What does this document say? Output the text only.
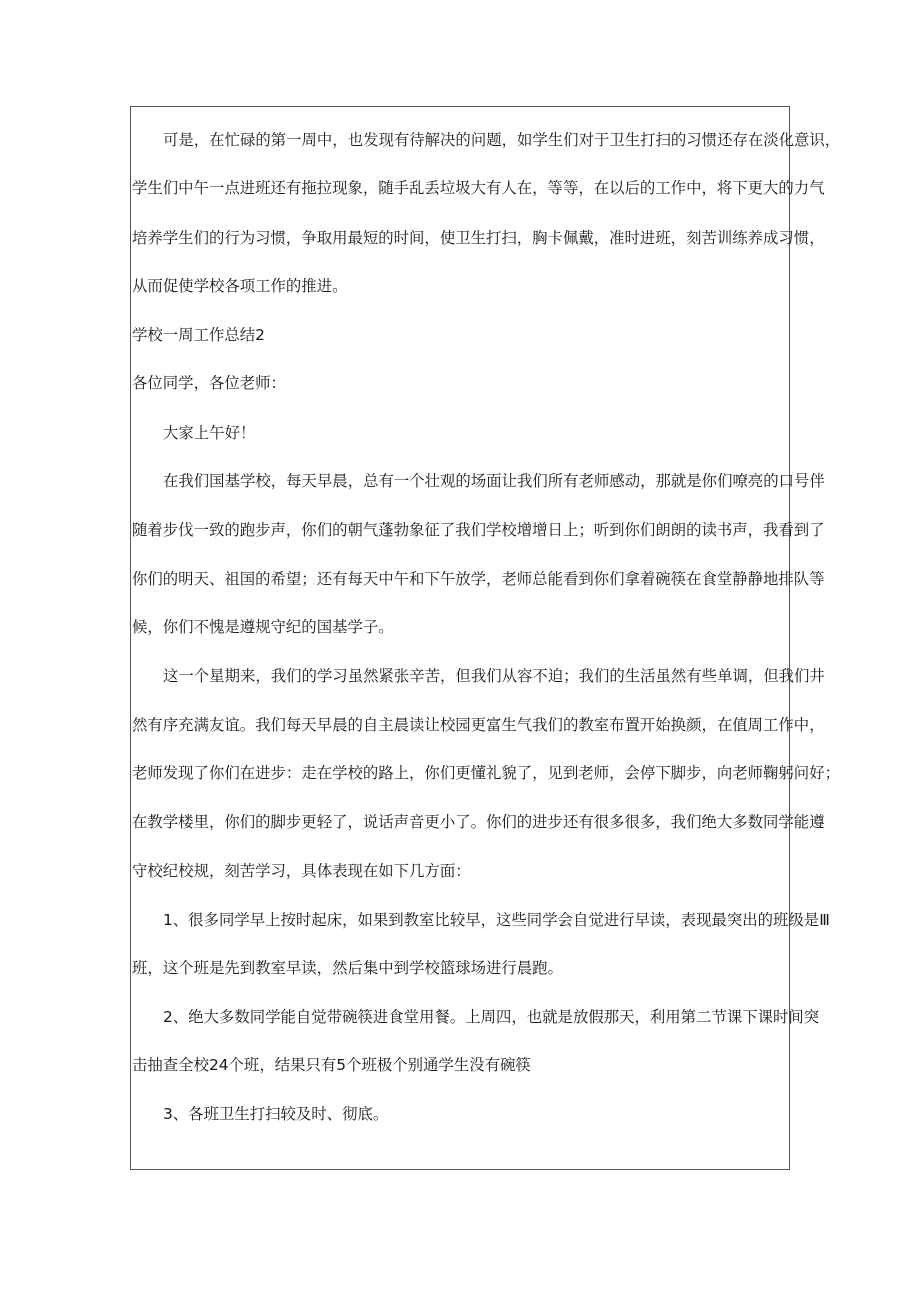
可是，在忙碌的第一周中，也发现有待解决的问题，如学生们对于卫生打扫的习惯还存在淡化意识，
学生们中午一点进班还有拖拉现象，随手乱丢垃圾大有人在，等等，在以后的工作中，将下更大的力气
培养学生们的行为习惯，争取用最短的时间，使卫生打扫，胸卡佩戴，准时进班，刻苦训练养成习惯，
从而促使学校各项工作的推进。
学校一周工作总结2
各位同学，各位老师：
大家上午好！
在我们国基学校，每天早晨，总有一个壮观的场面让我们所有老师感动，那就是你们嘹亮的口号伴
随着步伐一致的跑步声，你们的朝气蓬勃象征了我们学校增增日上；听到你们朗朗的读书声，我看到了
你们的明天、祖国的希望；还有每天中午和下午放学，老师总能看到你们拿着碗筷在食堂静静地排队等
候，你们不愧是遵规守纪的国基学子。
这一个星期来，我们的学习虽然紧张辛苦，但我们从容不迫；我们的生活虽然有些单调，但我们井
然有序充满友谊。我们每天早晨的自主晨读让校园更富生气我们的教室布置开始换颜，在值周工作中，
老师发现了你们在进步：走在学校的路上，你们更懂礼貌了，见到老师，会停下脚步，向老师鞠躬问好；
在教学楼里，你们的脚步更轻了，说话声音更小了。你们的进步还有很多很多，我们绝大多数同学能遵
守校纪校规，刻苦学习，具体表现在如下几方面：
1、很多同学早上按时起床，如果到教室比较早，这些同学会自觉进行早读，表现最突出的班级是Ⅲ
班，这个班是先到教室早读，然后集中到学校篮球场进行晨跑。
2、绝大多数同学能自觉带碗筷进食堂用餐。上周四，也就是放假那天，利用第二节课下课时间突
击抽查全校24个班，结果只有5个班极个别通学生没有碗筷
3、各班卫生打扫较及时、彻底。
